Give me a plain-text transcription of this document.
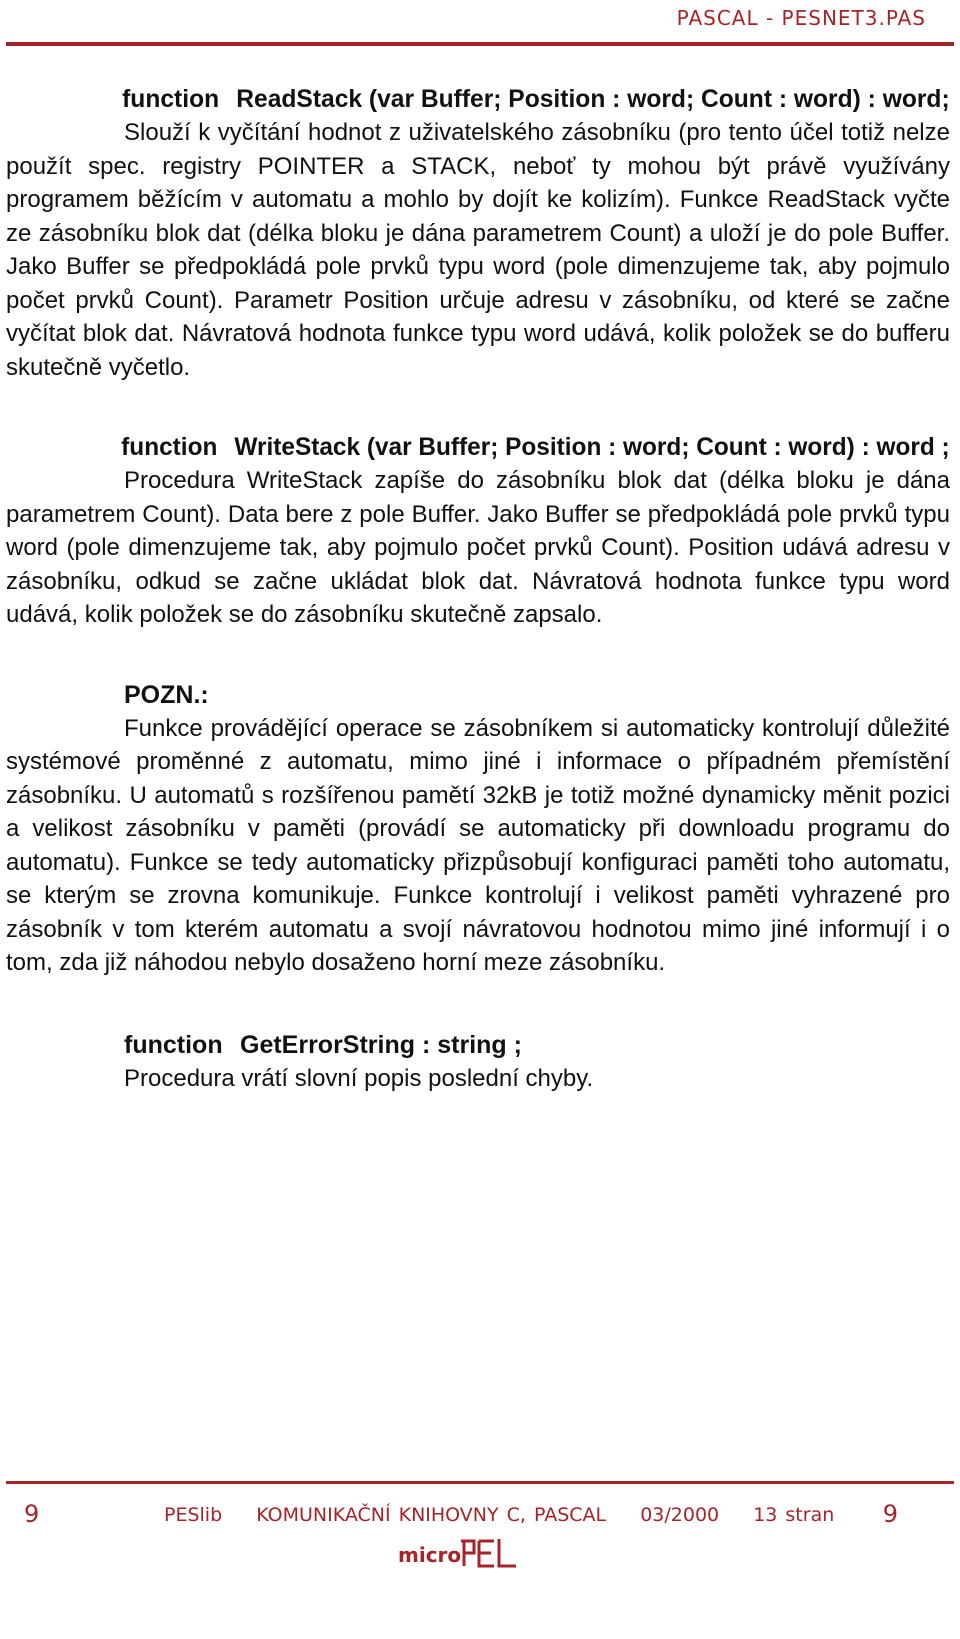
PASCAL - PESNET3.PAS
function ReadStack (var Buffer; Position : word; Count : word) : word;

Slouží k vyčítání hodnot z uživatelského zásobníku (pro tento účel totiž nelze použít spec. registry POINTER a STACK, neboť ty mohou být právě využívány programem běžícím v automatu a mohlo by dojít ke kolizím). Funkce ReadStack vyčte ze zásobníku blok dat (délka bloku je dána parametrem Count) a uloží je do pole Buffer. Jako Buffer se předpokládá pole prvků typu word (pole dimenzujeme tak, aby pojmulo počet prvků Count). Parametr Position určuje adresu v zásobníku, od které se začne vyčítat blok dat. Návratová hodnota funkce typu word udává, kolik položek se do bufferu skutečně vyčetlo.

function WriteStack (var Buffer; Position : word; Count : word) : word ;

Procedura WriteStack zapíše do zásobníku blok dat (délka bloku je dána parametrem Count). Data bere z pole Buffer. Jako Buffer se předpokládá pole prvků typu word (pole dimenzujeme tak, aby pojmulo počet prvků Count). Position udává adresu v zásobníku, odkud se začne ukládat blok dat. Návratová hodnota funkce typu word udává, kolik položek se do zásobníku skutečně zapsalo.

POZN.:

Funkce provádějící operace se zásobníkem si automaticky kontrolují důležité systémové proměnné z automatu, mimo jiné i informace o případném přemístění zásobníku. U automatů s rozšířenou pamětí 32kB je totiž možné dynamicky měnit pozici a velikost zásobníku v paměti (provádí se automaticky při downloadu programu do automatu). Funkce se tedy automaticky přizpůsobují konfiguraci paměti toho automatu, se kterým se zrovna komunikuje. Funkce kontrolují i velikost paměti vyhrazené pro zásobník v tom kterém automatu a svojí návratovou hodnotou mimo jiné informují i o tom, zda již náhodou nebylo dosaženo horní meze zásobníku.

function GetErrorString : string ;

Procedura vrátí slovní popis poslední chyby.

9	PESlib KOMUNIKAČNÍ KNIHOVNY C, PASCAL 03/2000 13 stran	9
micro
